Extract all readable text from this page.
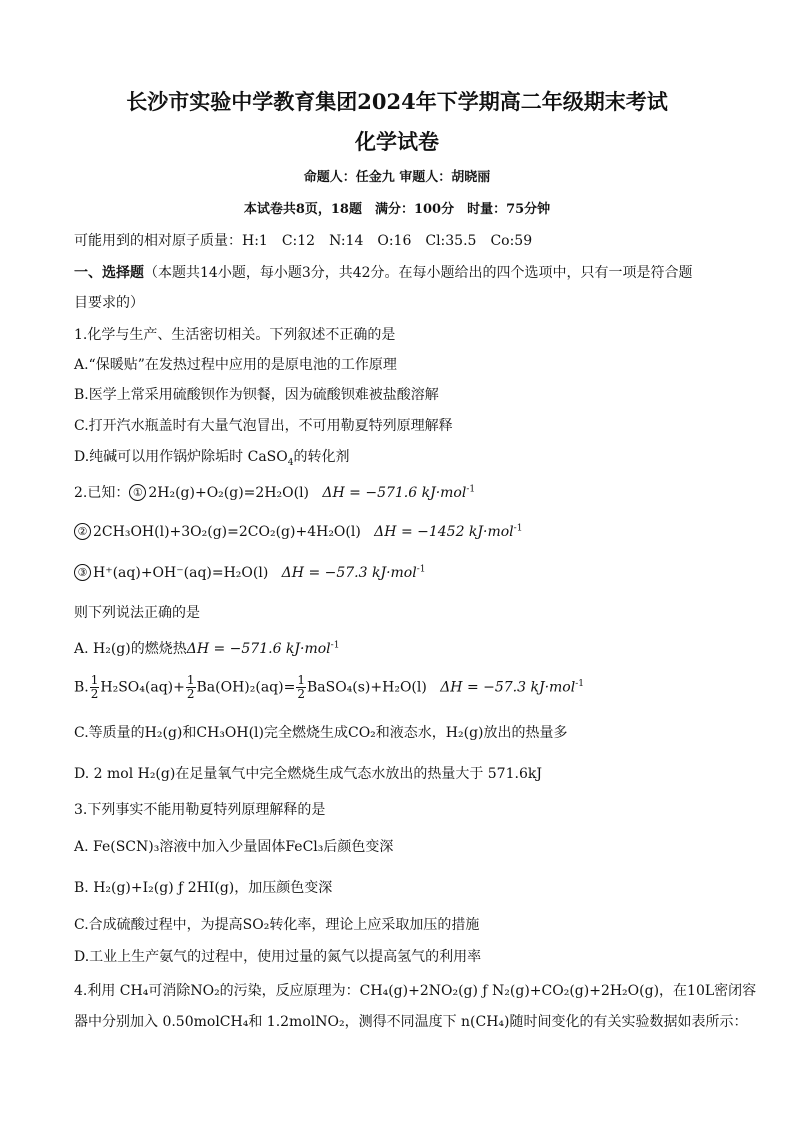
长沙市实验中学教育集团2024年下学期高二年级期末考试
化学试卷
命题人：任金九 审题人：胡晓丽
本试卷共8页，18题　满分：100分　时量：75分钟
可能用到的相对原子质量：H:1　C:12　N:14　O:16　Cl:35.5　Co:59
一、选择题（本题共14小题，每小题3分，共42分。在每小题给出的四个选项中，只有一项是符合题
目要求的）
1.化学与生产、生活密切相关。下列叙述不正确的是
A.“保暖贴”在发热过程中应用的是原电池的工作原理
B.医学上常采用硫酸钡作为钡餐，因为硫酸钡难被盐酸溶解
C.打开汽水瓶盖时有大量气泡冒出，不可用勒夏特列原理解释
D.纯碱可以用作锅炉除垢时 CaSO$_4$的转化剂
2.已知： ① 2H₂(g)+O₂(g)=2H₂O(l) ΔH = −571.6 kJ·mol$^{-1}$
② 2CH₃OH(l)+3O₂(g)=2CO₂(g)+4H₂O(l) ΔH = −1452 kJ·mol$^{-1}$
③ H⁺(aq)+OH⁻(aq)=H₂O(l) ΔH = −57.3 kJ·mol$^{-1}$
则下列说法正确的是
A. H₂(g)的燃烧热ΔH = −571.6 kJ·mol$^{-1}$
B. $\frac{1}{2} H_2SO_4(aq)+ \frac{1}{2} Ba(OH)_2(aq)= \frac{1}{2}$ BaSO₄(s)+H₂O(l) ΔH = −57.3 kJ·mol$^{-1}$
C.等质量的H₂(g)和CH₃OH(l)完全燃烧生成CO₂和液态水，H₂(g)放出的热量多
D. 2 mol H₂(g)在足量氧气中完全燃烧生成气态水放出的热量大于 571.6kJ
3.下列事实不能用勒夏特列原理解释的是
A. Fe(SCN)₃溶液中加入少量固体FeCl₃后颜色变深
B. H₂(g)+I₂(g) ƒ 2HI(g)，加压颜色变深
C.合成硫酸过程中，为提高SO₂转化率，理论上应采取加压的措施
D.工业上生产氨气的过程中，使用过量的氮气以提高氢气的利用率
4.利用 CH₄可消除NO₂的污染，反应原理为：CH₄(g)+2NO₂(g) ƒ N₂(g)+CO₂(g)+2H₂O(g)，在10L密闭容
器中分别加入 0.50molCH₄和 1.2molNO₂，测得不同温度下 n(CH₄)随时间变化的有关实验数据如表所示：
